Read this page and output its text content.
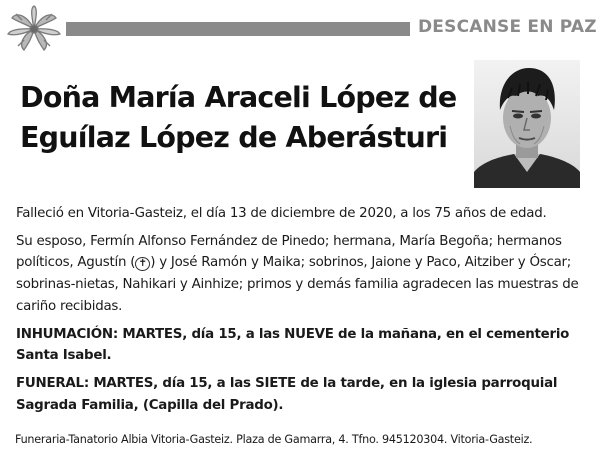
DESCANSE EN PAZ
Doña María Araceli López de
Eguílaz López de Aberásturi

Falleció en Vitoria-Gasteiz, el día 13 de diciembre de 2020, a los 75 años de edad.

Su esposo, Fermín Alfonso Fernández de Pinedo; hermana, María Begoña; hermanos políticos, Agustín ( ✝ ) y José Ramón y Maika; sobrinos, Jaione y Paco, Aitziber y Óscar; sobrinas-nietas, Nahikari y Ainhize; primos y demás familia agradecen las muestras de cariño recibidas.

INHUMACIÓN: MARTES, día 15, a las NUEVE de la mañana, en el cementerio Santa Isabel.

FUNERAL: MARTES, día 15, a las SIETE de la tarde, en la iglesia parroquial Sagrada Familia, (Capilla del Prado).

Funeraria-Tanatorio Albia Vitoria-Gasteiz. Plaza de Gamarra, 4. Tfno. 945120304. Vitoria-Gasteiz.
